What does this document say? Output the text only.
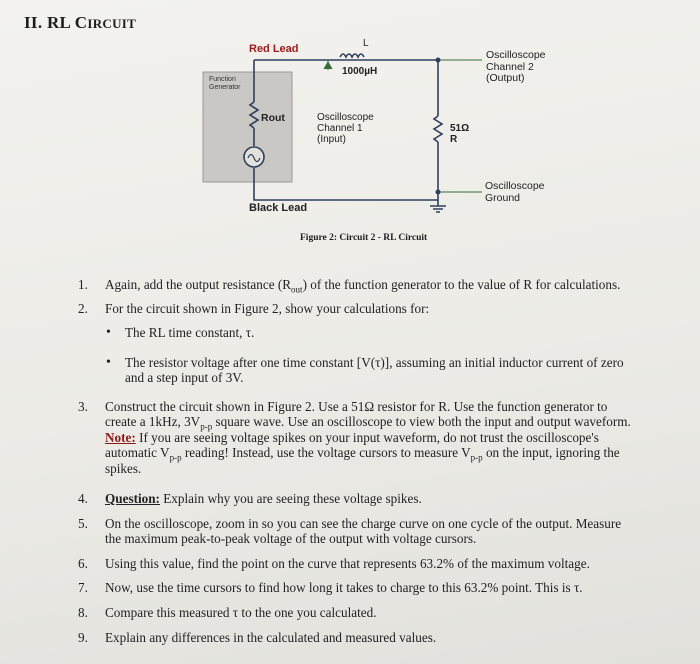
II. RL CIRCUIT
Red Lead
Function
Generator
L
1000µH
Rout	Oscilloscope
Channel 1
(Input)
51Ω
R
Oscilloscope
Channel 2
(Output)
Oscilloscope
Ground
Black Lead
Figure 2: Circuit 2 - RL Circuit
1.	Again, add the output resistance $(R_{out})$ of the function generator to the value of R for calculations.
2.	For the circuit shown in Figure 2, show your calculations for:
• The RL time constant, τ.
• The resistor voltage after one time constant [V(τ)], assuming an initial inductor current of zero
and a step input of 3V.
3.	Construct the circuit shown in Figure 2. Use a 51Ω resistor for R. Use the function generator to
create a 1kHz, $3V_{p-p}$ square wave. Use an oscilloscope to view both the input and output waveform.
Note: If you are seeing voltage spikes on your input waveform, do not trust the oscilloscope's
automatic $V_{p-p}$ reading! Instead, use the voltage cursors to measure $V_{p-p}$ on the input, ignoring the
spikes.
4.	Question: Explain why you are seeing these voltage spikes.
5.	On the oscilloscope, zoom in so you can see the charge curve on one cycle of the output. Measure
the maximum peak-to-peak voltage of the output with voltage cursors.
6.	Using this value, find the point on the curve that represents 63.2% of the maximum voltage.
7.	Now, use the time cursors to find how long it takes to charge to this 63.2% point. This is τ.
8.	Compare this measured τ to the one you calculated.
9.	Explain any differences in the calculated and measured values.
